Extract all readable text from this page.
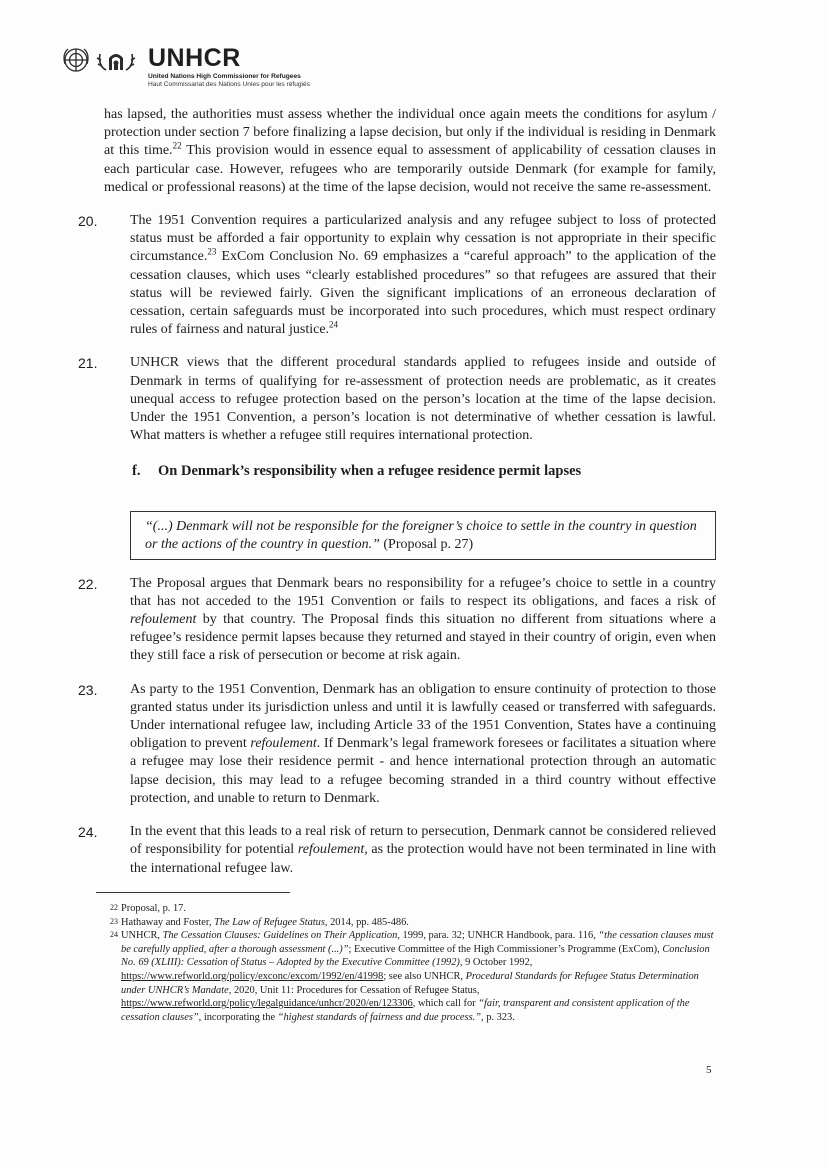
UNHCR
United Nations High Commissioner for Refugees
Haut Commissariat des Nations Unies pour les réfugiés

has lapsed, the authorities must assess whether the individual once again meets the conditions for asylum / protection under section 7 before finalizing a lapse decision, but only if the individual is residing in Denmark at this time.$^{22}$ This provision would in essence equal to assessment of applicability of cessation clauses in each particular case. However, refugees who are temporarily outside Denmark (for example for family, medical or professional reasons) at the time of the lapse decision, would not receive the same re-assessment.

20. The 1951 Convention requires a particularized analysis and any refugee subject to loss of protected status must be afforded a fair opportunity to explain why cessation is not appropriate in their specific circumstance.$^{23}$ ExCom Conclusion No. 69 emphasizes a “careful approach” to the application of the cessation clauses, which uses “clearly established procedures” so that refugees are assured that their status will be reviewed fairly. Given the significant implications of an erroneous declaration of cessation, certain safeguards must be incorporated into such procedures, which must respect ordinary rules of fairness and natural justice.$^{24}$

21. UNHCR views that the different procedural standards applied to refugees inside and outside of Denmark in terms of qualifying for re-assessment of protection needs are problematic, as it creates unequal access to refugee protection based on the person’s location at the time of the lapse decision. Under the 1951 Convention, a person’s location is not determinative of whether cessation is lawful. What matters is whether a refugee still requires international protection.

f. On Denmark’s responsibility when a refugee residence permit lapses
“(...) Denmark will not be responsible for the foreigner’s choice to settle in the country in question or the actions of the country in question.” (Proposal p. 27)
22. The Proposal argues that Denmark bears no responsibility for a refugee’s choice to settle in a country that has not acceded to the 1951 Convention or fails to respect its obligations, and faces a risk of refoulement by that country. The Proposal finds this situation no different from situations where a refugee’s residence permit lapses because they returned and stayed in their country of origin, even when they still face a risk of persecution or become at risk again.

23. As party to the 1951 Convention, Denmark has an obligation to ensure continuity of protection to those granted status under its jurisdiction unless and until it is lawfully ceased or transferred with safeguards. Under international refugee law, including Article 33 of the 1951 Convention, States have a continuing obligation to prevent refoulement. If Denmark’s legal framework foresees or facilitates a situation where a refugee may lose their residence permit - and hence international protection through an automatic lapse decision, this may lead to a refugee becoming stranded in a third country without effective protection, and unable to return to Denmark.

24. In the event that this leads to a real risk of return to persecution, Denmark cannot be considered relieved of responsibility for potential refoulement, as the protection would have not been terminated in line with the international refugee law.

22 Proposal, p. 17.
23 Hathaway and Foster, The Law of Refugee Status, 2014, pp. 485-486.
24 UNHCR, The Cessation Clauses: Guidelines on Their Application, 1999, para. 32; UNHCR Handbook, para. 116, “the cessation clauses must be carefully applied, after a thorough assessment (...)”; Executive Committee of the High Commissioner’s Programme (ExCom), Conclusion No. 69 (XLIII): Cessation of Status – Adopted by the Executive Committee (1992), 9 October 1992, https://www.refworld.org/policy/exconc/excom/1992/en/41998; see also UNHCR, Procedural Standards for Refugee Status Determination under UNHCR’s Mandate, 2020, Unit 11: Procedures for Cessation of Refugee Status, https://www.refworld.org/policy/legalguidance/unhcr/2020/en/123306, which call for “fair, transparent and consistent application of the cessation clauses”, incorporating the “highest standards of fairness and due process.”, p. 323.
5
